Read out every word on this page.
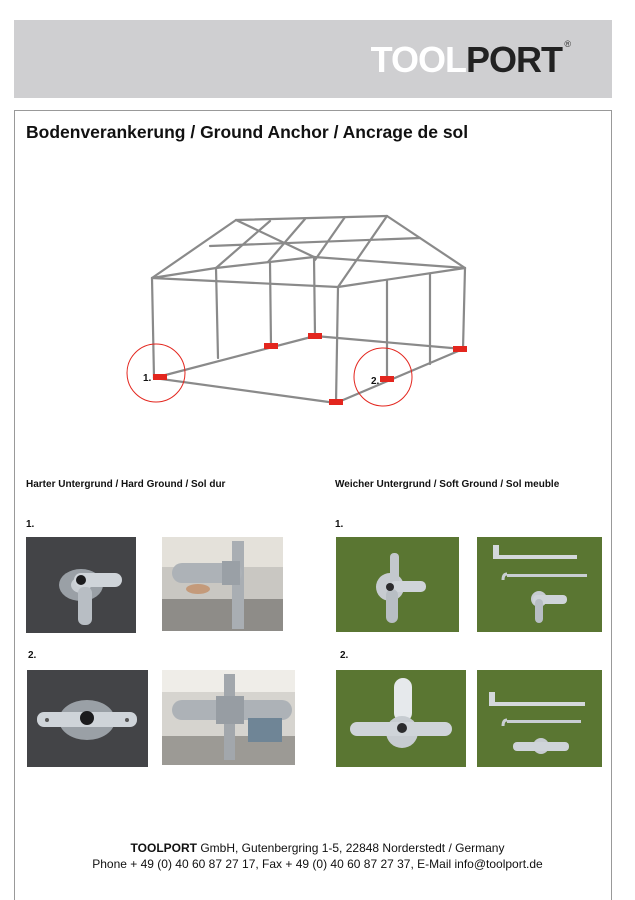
TOOLPORT ®
Bodenverankerung / Ground Anchor / Ancrage de sol
1.	2.
Harter Untergrund / Hard Ground / Sol dur	Weicher Untergrund / Soft Ground / Sol meuble
1.	1.
2.	2.
TOOLPORT GmbH, Gutenbergring 1-5, 22848 Norderstedt / Germany
Phone + 49 (0) 40 60 87 27 17, Fax + 49 (0) 40 60 87 27 37, E-Mail info@toolport.de
